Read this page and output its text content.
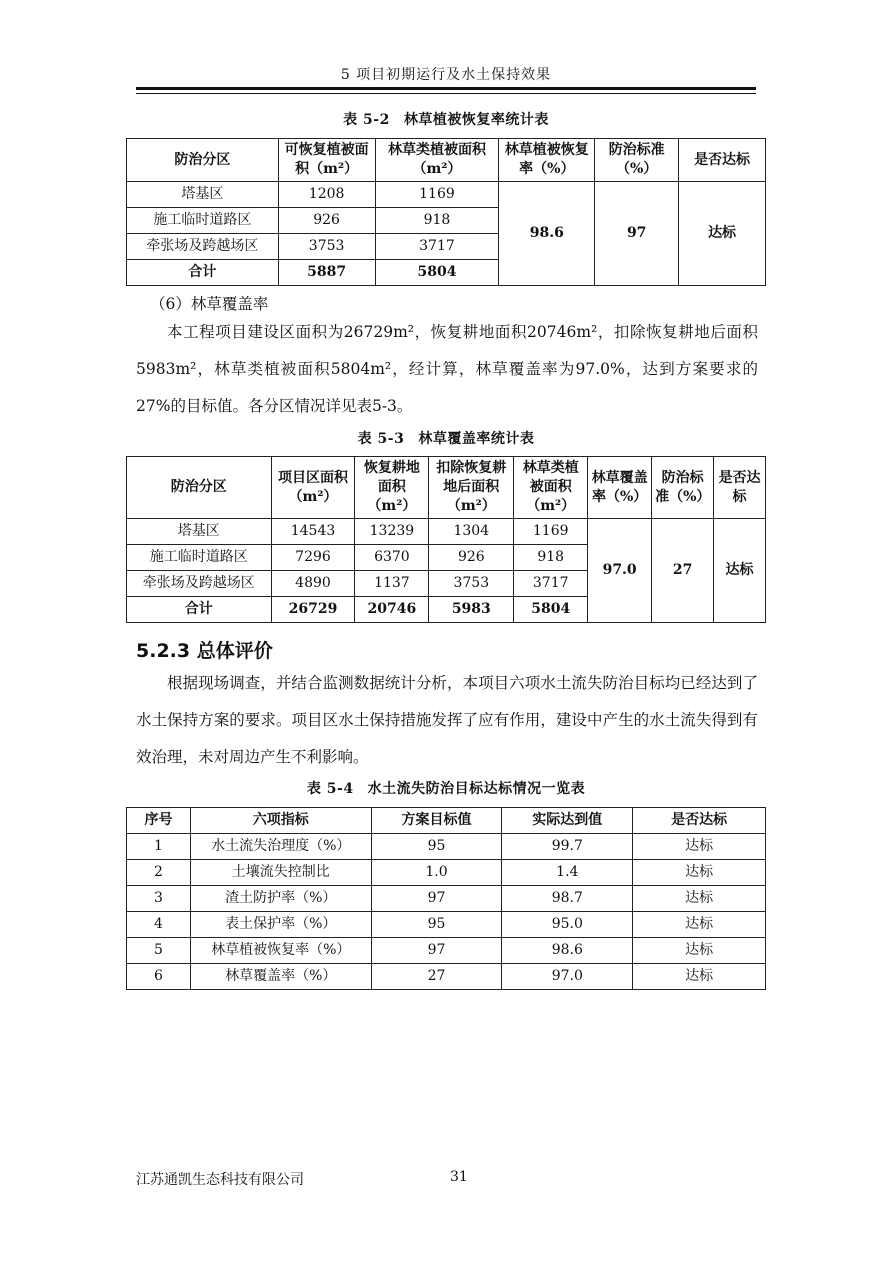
5 项目初期运行及水土保持效果
表 5-2 林草植被恢复率统计表
防治分区	可恢复植被面积（m²）	林草类植被面积（m²）	林草植被恢复率（%）	防治标准（%）	是否达标
塔基区	1208	1169	98.6	97	达标
施工临时道路区	926	918			
牵张场及跨越场区	3753	3717			
合计	5887	5804			
（6）林草覆盖率
本工程项目建设区面积为26729m²，恢复耕地面积20746m²，扣除恢复耕地后面积5983m²，林草类植被面积5804m²，经计算，林草覆盖率为97.0%，达到方案要求的27%的目标值。各分区情况详见表5-3。
表 5-3 林草覆盖率统计表
防治分区	项目区面积（m²）	恢复耕地面积（m²）	扣除恢复耕地后面积（m²）	林草类植被面积（m²）	林草覆盖率（%）	防治标准（%）	是否达标
塔基区	14543	13239	1304	1169	97.0	27	达标
施工临时道路区	7296	6370	926	918			
牵张场及跨越场区	4890	1137	3753	3717			
合计	26729	20746	5983	5804			
5.2.3 总体评价
根据现场调查，并结合监测数据统计分析，本项目六项水土流失防治目标均已经达到了水土保持方案的要求。项目区水土保持措施发挥了应有作用，建设中产生的水土流失得到有效治理，未对周边产生不利影响。
表 5-4 水土流失防治目标达标情况一览表
序号	六项指标	方案目标值	实际达到值	是否达标
1	水土流失治理度（%）	95	99.7	达标
2	土壤流失控制比	1.0	1.4	达标
3	渣土防护率（%）	97	98.7	达标
4	表土保护率（%）	95	95.0	达标
5	林草植被恢复率（%）	97	98.6	达标
6	林草覆盖率（%）	27	97.0	达标
江苏通凯生态科技有限公司	31
